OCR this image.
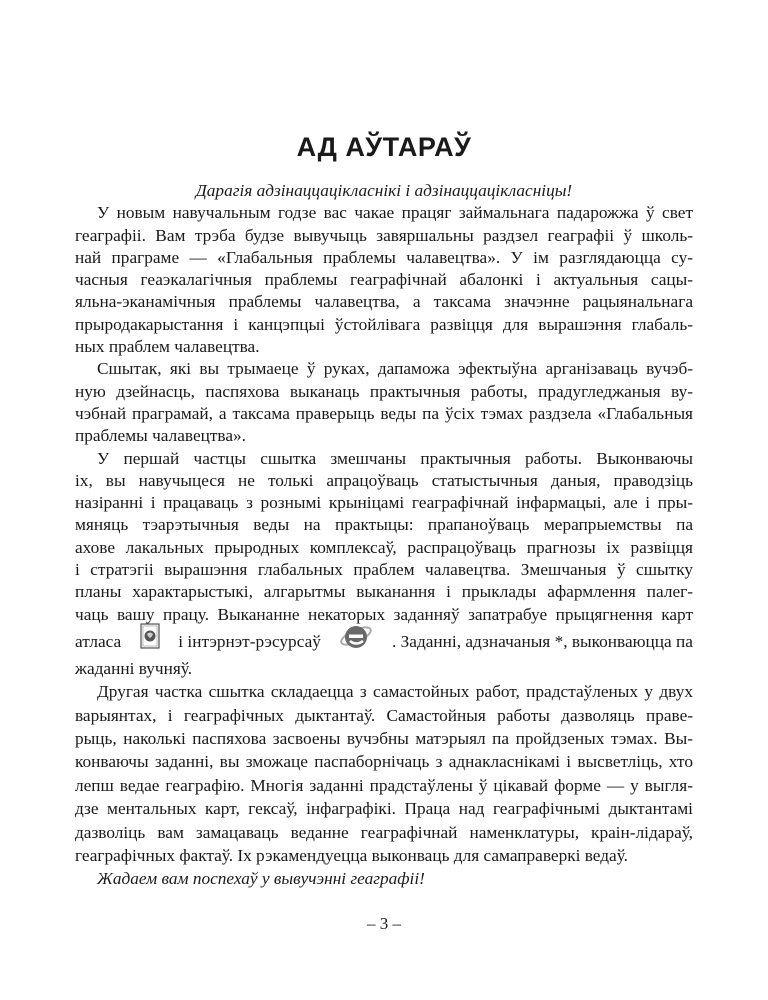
АД АЎТАРАЎ
Дарагія адзінаццацікласнікі і адзінаццацікласніцы!
У новым навучальным годзе вас чакае працяг займальнага падарожжа ў свет
геаграфіі. Вам трэба будзе вывучыць завяршальны раздзел геаграфіі ў школь-
най праграме — «Глабальныя праблемы чалавецтва». У ім разглядаюцца су-
часныя геаэкалагічныя праблемы геаграфічнай абалонкі і актуальныя сацы-
яльна-эканамічныя праблемы чалавецтва, а таксама значэнне рацыянальнага
прыродакарыстання і канцэпцыі ўстойлівага развіцця для вырашэння глабаль-
ных праблем чалавецтва.
Сшытак, які вы трымаеце ў руках, дапаможа эфектыўна арганізаваць вучэб-
ную дзейнасць, паспяхова выканаць практычныя работы, прадугледжаныя ву-
чэбнай праграмай, а таксама праверыць веды па ўсіх тэмах раздзела «Глабальныя
праблемы чалавецтва».
У першай частцы сшытка змешчаны практычныя работы. Выконваючы
іх, вы навучыцеся не толькі апрацоўваць статыстычныя даныя, праводзіць
назіранні і працаваць з рознымі крыніцамі геаграфічнай інфармацыі, але і пры-
мяняць тэарэтычныя веды на практыцы: прапаноўваць мерапрыемствы па
ахове лакальных прыродных комплексаў, распрацоўваць прагнозы іх развіцця
і стратэгіі вырашэння глабальных праблем чалавецтва. Змешчаныя ў сшытку
планы характарыстыкі, алгарытмы выканання і прыклады афармлення палег-
чаць вашу працу. Выкананне некаторых заданняў запатрабуе прыцягнення карт
атласа	і інтэрнэт-рэсурсаў	. Заданні, адзначаныя *, выконваюцца па
жаданні вучняў.
Другая частка сшытка складаецца з самастойных работ, прадстаўленых у двух
варыянтах, і геаграфічных дыктантаў. Самастойныя работы дазволяць праве-
рыць, наколькі паспяхова засвоены вучэбны матэрыял па пройдзеных тэмах. Вы-
конваючы заданні, вы зможаце паспаборнічаць з аднакласнікамі і высветліць, хто
лепш ведае геаграфію. Многія заданні прадстаўлены ў цікавай форме — у выгля-
дзе ментальных карт, гексаў, інфаграфікі. Праца над геаграфічнымі дыктантамі
дазволіць вам замацаваць веданне геаграфічнай наменклатуры, краін-лідараў,
геаграфічных фактаў. Іх рэкамендуецца выконваць для самаправеркі ведаў.
Жадаем вам поспехаў у вывучэнні геаграфіі!
– 3 –
